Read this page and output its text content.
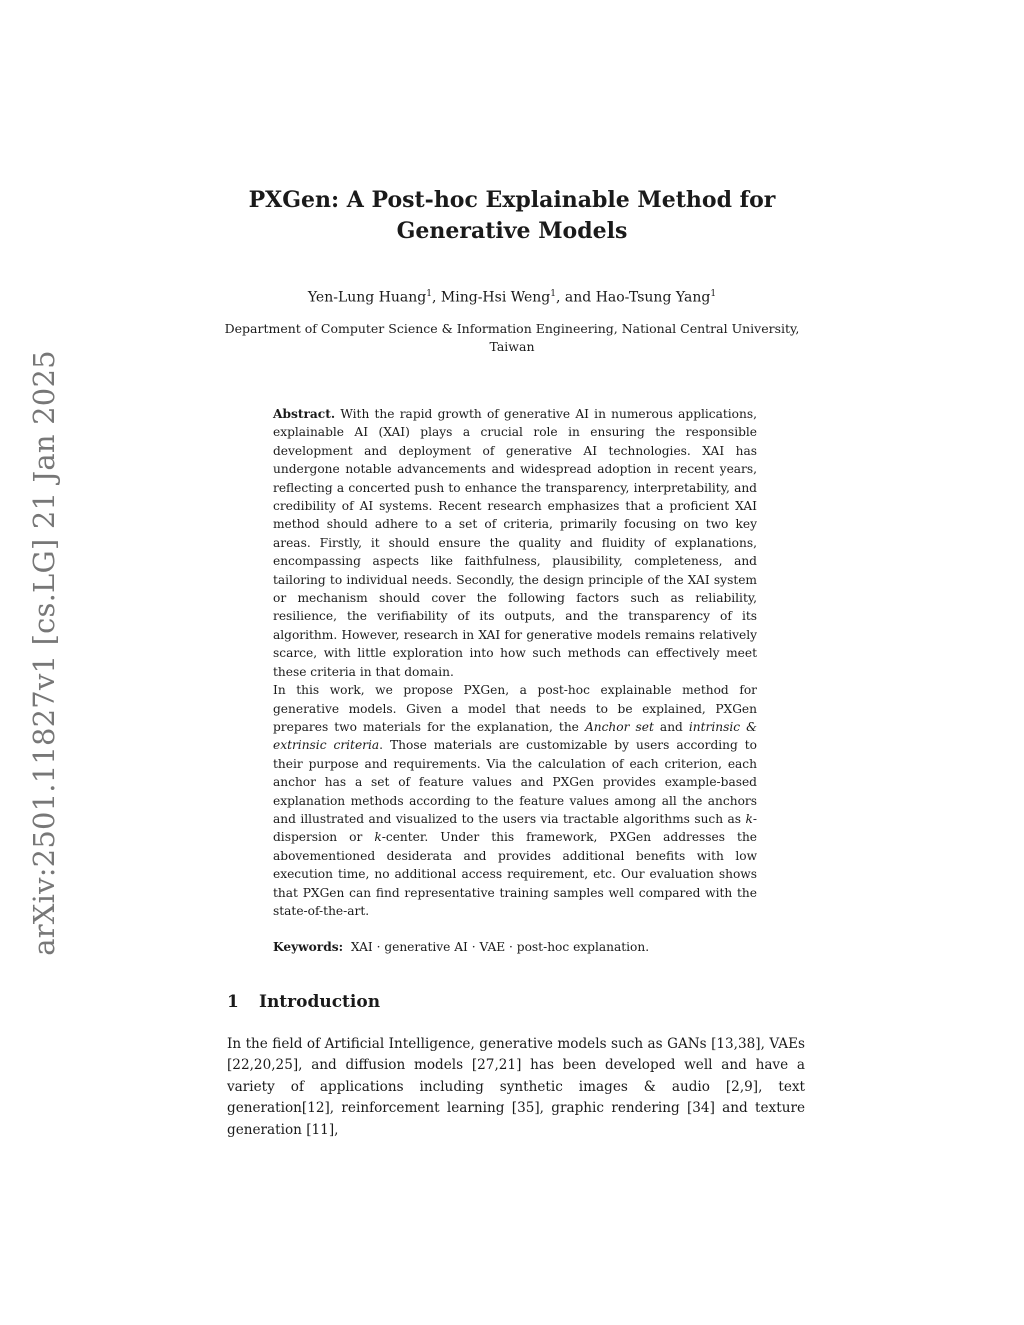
arXiv:2501.11827v1 [cs.LG] 21 Jan 2025
PXGen: A Post-hoc Explainable Method for Generative Models
Yen-Lung Huang$^1$, Ming-Hsi Weng$^1$, and Hao-Tsung Yang$^1$
Department of Computer Science & Information Engineering, National Central University, Taiwan

Abstract. With the rapid growth of generative AI in numerous applications, explainable AI (XAI) plays a crucial role in ensuring the responsible development and deployment of generative AI technologies. XAI has undergone notable advancements and widespread adoption in recent years, reflecting a concerted push to enhance the transparency, interpretability, and credibility of AI systems. Recent research emphasizes that a proficient XAI method should adhere to a set of criteria, primarily focusing on two key areas. Firstly, it should ensure the quality and fluidity of explanations, encompassing aspects like faithfulness, plausibility, completeness, and tailoring to individual needs. Secondly, the design principle of the XAI system or mechanism should cover the following factors such as reliability, resilience, the verifiability of its outputs, and the transparency of its algorithm. However, research in XAI for generative models remains relatively scarce, with little exploration into how such methods can effectively meet these criteria in that domain.

In this work, we propose PXGen, a post-hoc explainable method for generative models. Given a model that needs to be explained, PXGen prepares two materials for the explanation, the Anchor set and intrinsic & extrinsic criteria. Those materials are customizable by users according to their purpose and requirements. Via the calculation of each criterion, each anchor has a set of feature values and PXGen provides example-based explanation methods according to the feature values among all the anchors and illustrated and visualized to the users via tractable algorithms such as k-dispersion or k-center. Under this framework, PXGen addresses the abovementioned desiderata and provides additional benefits with low execution time, no additional access requirement, etc. Our evaluation shows that PXGen can find representative training samples well compared with the state-of-the-art.

Keywords: XAI · generative AI · VAE · post-hoc explanation.
1 Introduction

In the field of Artificial Intelligence, generative models such as GANs [13,38], VAEs [22,20,25], and diffusion models [27,21] has been developed well and have a variety of applications including synthetic images & audio [2,9], text generation[12], reinforcement learning [35], graphic rendering [34] and texture generation [11],
